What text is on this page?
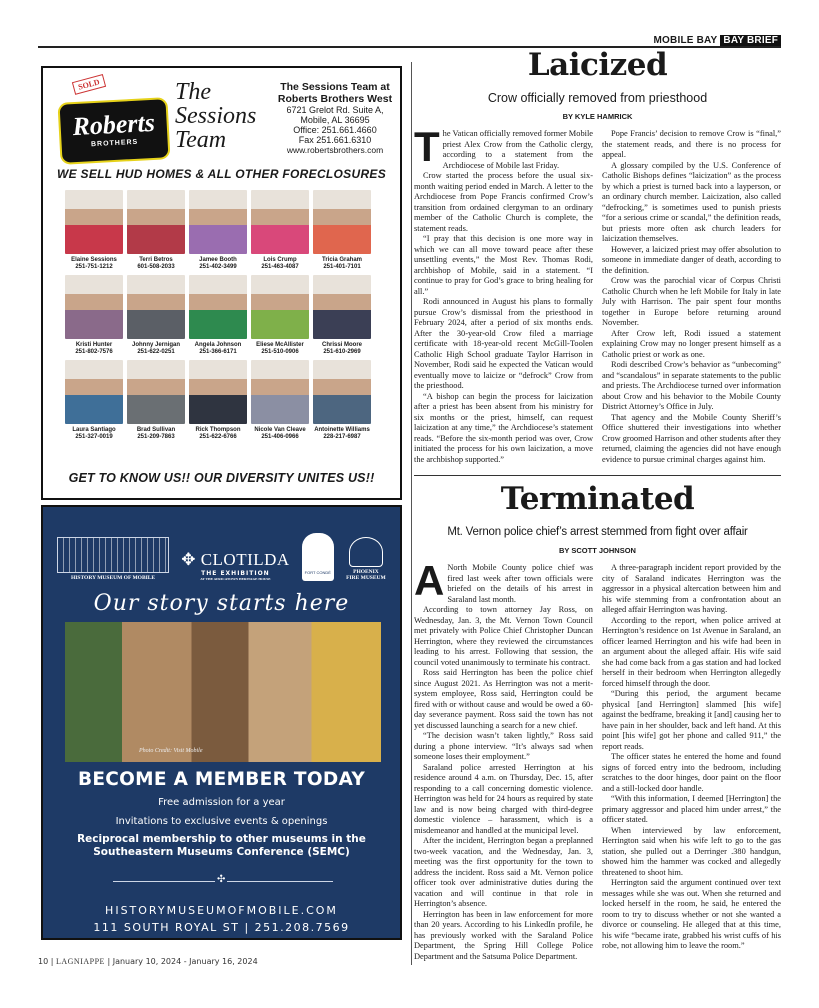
MOBILE BAY BAY BRIEF
Roberts
BROTHERS
SOLD	The Sessions Team
The Sessions Team at
Roberts Brothers West
6721 Grelot Rd. Suite A,
Mobile, AL 36695
Office: 251.661.4660
Fax 251.661.6310
www.robertsbrothers.com
WE SELL HUD HOMES & ALL OTHER FORECLOSURES
Elaine Sessions
251-751-1212
Terri Betros
601-508-2033
Jamee Booth
251-402-3499
Lois Crump
251-463-4087
Tricia Graham
251-401-7101
Kristi Hunter
251-802-7576
Johnny Jernigan
251-622-0251
Angela Johnson
251-366-6171
Eliese McAllister
251-510-0906
Chrissi Moore
251-610-2969
Laura Santiago
251-327-0019
Brad Sullivan
251-209-7863
Rick Thompson
251-622-6766
Nicole Van Cleave
251-406-0966
Antoinette Williams
228-217-6987
GET TO KNOW US!! OUR DIVERSITY UNITES US!!
HISTORY MUSEUM OF MOBILE
✥ CLOTILDA
THE EXHIBITION
AT THE AFRICATOWN HERITAGE HOUSE
FORT CONDÉ	PHOENIX FIRE MUSEUM
Our story starts here
Photo Credit: Visit Mobile
BECOME A MEMBER TODAY
Free admission for a year
Invitations to exclusive events & openings
Reciprocal membership to other museums in the
Southeastern Museums Conference (SEMC)
✣
HISTORYMUSEUMOFMOBILE.COM
111 SOUTH ROYAL ST | 251.208.7569
10 | LAGNIAPPE | January 10, 2024 - January 16, 2024
Laicized
Crow officially removed from priesthood
BY KYLE HAMRICK

The Vatican officially removed former Mobile priest Alex Crow from the Catholic clergy, according to a statement from the Archdiocese of Mobile last Friday.

Crow started the process before the usual six-month waiting period ended in March. A letter to the Archdiocese from Pope Francis confirmed Crow’s transition from ordained clergyman to an ordinary member of the Catholic Church is complete, the statement reads.

“I pray that this decision is one more way in which we can all move toward peace after these unsettling events,” the Most Rev. Thomas Rodi, archbishop of Mobile, said in a statement. “I continue to pray for God’s grace to bring healing for all.”

Rodi announced in August his plans to formally pursue Crow’s dismissal from the priesthood in February 2024, after a period of six months ends. After the 30-year-old Crow filed a marriage certificate with 18-year-old recent McGill-Toolen Catholic High School graduate Taylor Harrison in November, Rodi said he expected the Vatican would eventually move to laicize or “defrock” Crow from the priesthood.

“A bishop can begin the process for laicization after a priest has been absent from his ministry for six months or the priest, himself, can request laicization at any time,” the Archdiocese’s statement reads. “Before the six-month period was over, Crow initiated the process for his own laicization, a move the archbishop supported.”

Pope Francis’ decision to remove Crow is “final,” the statement reads, and there is no process for appeal.

A glossary compiled by the U.S. Conference of Catholic Bishops defines “laicization” as the process by which a priest is turned back into a layperson, or an ordinary church member. Laicization, also called “defrocking,” is sometimes used to punish priests “for a serious crime or scandal,” the definition reads, but priests more often ask church leaders for laicization themselves.

However, a laicized priest may offer absolution to someone in immediate danger of death, according to the definition.

Crow was the parochial vicar of Corpus Christi Catholic Church when he left Mobile for Italy in late July with Harrison. The pair spent four months together in Europe before returning around November.

After Crow left, Rodi issued a statement explaining Crow may no longer present himself as a Catholic priest or work as one.

Rodi described Crow’s behavior as “unbecoming” and “scandalous” in separate statements to the public and priests. The Archdiocese turned over information about Crow and his behavior to the Mobile County District Attorney’s Office in July.

That agency and the Mobile County Sheriff’s Office shuttered their investigations into whether Crow groomed Harrison and other students after they returned, claiming the agencies did not have enough evidence to pursue criminal charges against him.

Terminated
Mt. Vernon police chief’s arrest stemmed from fight over affair
BY SCOTT JOHNSON

A North Mobile County police chief was fired last week after town officials were briefed on the details of his arrest in Saraland last month.

According to town attorney Jay Ross, on Wednesday, Jan. 3, the Mt. Vernon Town Council met privately with Police Chief Christopher Duncan Herrington, where they reviewed the circumstances leading to his arrest. Following that session, the council voted unanimously to terminate his contract.

Ross said Herrington has been the police chief since August 2021. As Herrington was not a merit-system employee, Ross said, Herrington could be fired with or without cause and would be owed a 60-day severance payment. Ross said the town has not yet discussed launching a search for a new chief.

“The decision wasn’t taken lightly,” Ross said during a phone interview. “It’s always sad when someone loses their employment.”

Saraland police arrested Herrington at his residence around 4 a.m. on Thursday, Dec. 15, after responding to a call concerning domestic violence. Herrington was held for 24 hours as required by state law and is now being charged with third-degree domestic violence – harassment, which is a misdemeanor and handled at the municipal level.

After the incident, Herrington began a preplanned two-week vacation, and the Wednesday, Jan. 3, meeting was the first opportunity for the town to address the incident. Ross said a Mt. Vernon police officer took over administrative duties during the vacation and will continue in that role in Herrington’s absence.

Herrington has been in law enforcement for more than 20 years. According to his LinkedIn profile, he has previously worked with the Saraland Police Department, the Spring Hill College Police Department and the Satsuma Police Department.

A three-paragraph incident report provided by the city of Saraland indicates Herrington was the aggressor in a physical altercation between him and his wife stemming from a confrontation about an alleged affair Herrington was having.

According to the report, when police arrived at Herrington’s residence on 1st Avenue in Saraland, an officer learned Herrington and his wife had been in an argument about the alleged affair. His wife said she had come back from a gas station and had locked herself in their bedroom when Herrington allegedly forced himself through the door.

“During this period, the argument became physical [and Herrington] slammed [his wife] against the bedframe, breaking it [and] causing her to have pain in her shoulder, back and left hand. At this point [his wife] got her phone and called 911,” the report reads.

The officer states he entered the home and found signs of forced entry into the bedroom, including scratches to the door hinges, door paint on the floor and a still-locked door handle.

“With this information, I deemed [Herrington] the primary aggressor and placed him under arrest,” the officer stated.

When interviewed by law enforcement, Herrington said when his wife left to go to the gas station, she pulled out a Derringer .380 handgun, showed him the hammer was cocked and allegedly threatened to shoot him.

Herrington said the argument continued over text messages while she was out. When she returned and locked herself in the room, he said, he entered the room to try to discuss whether or not she wanted a divorce or counseling. He alleged that at this time, his wife “became irate, grabbed his wrist cuffs of his robe, not allowing him to leave the room.”
